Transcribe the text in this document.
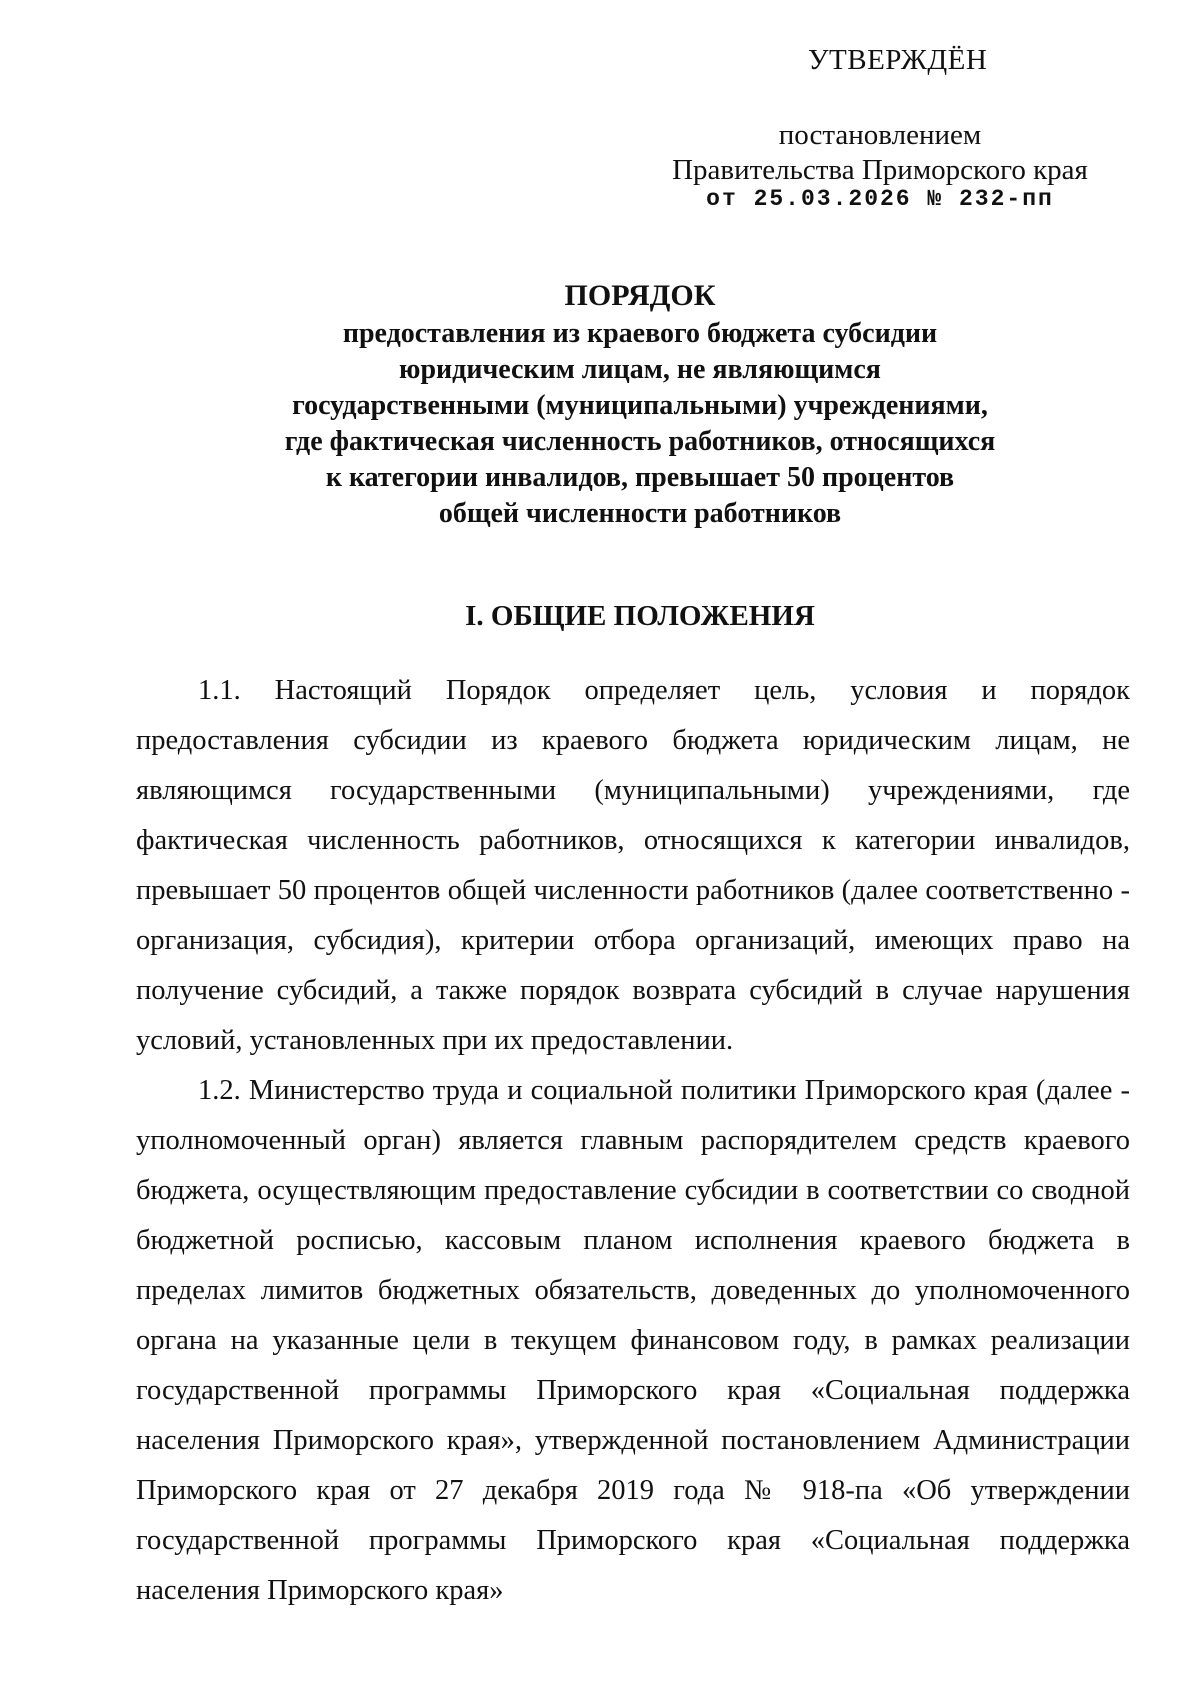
УТВЕРЖДЁН
постановлением
Правительства Приморского края
от 25.03.2026 № 232-пп
ПОРЯДОК
предоставления из краевого бюджета субсидии
юридическим лицам, не являющимся
государственными (муниципальными) учреждениями,
где фактическая численность работников, относящихся
к категории инвалидов, превышает 50 процентов
общей численности работников
I. ОБЩИЕ ПОЛОЖЕНИЯ

1.1. Настоящий Порядок определяет цель, условия и порядок предоставления субсидии из краевого бюджета юридическим лицам, не являющимся государственными (муниципальными) учреждениями, где фактическая численность работников, относящихся к категории инвалидов, превышает 50 процентов общей численности работников (далее соответственно - организация, субсидия), критерии отбора организаций, имеющих право на получение субсидий, а также порядок возврата субсидий в случае нарушения условий, установленных при их предоставлении.

1.2. Министерство труда и социальной политики Приморского края (далее - уполномоченный орган) является главным распорядителем средств краевого бюджета, осуществляющим предоставление субсидии в соответствии со сводной бюджетной росписью, кассовым планом исполнения краевого бюджета в пределах лимитов бюджетных обязательств, доведенных до уполномоченного органа на указанные цели в текущем финансовом году, в рамках реализации государственной программы Приморского края «Социальная поддержка населения Приморского края», утвержденной постановлением Администрации Приморского края от 27 декабря 2019 года № 918-па «Об утверждении государственной программы Приморского края «Социальная поддержка населения Приморского края»
